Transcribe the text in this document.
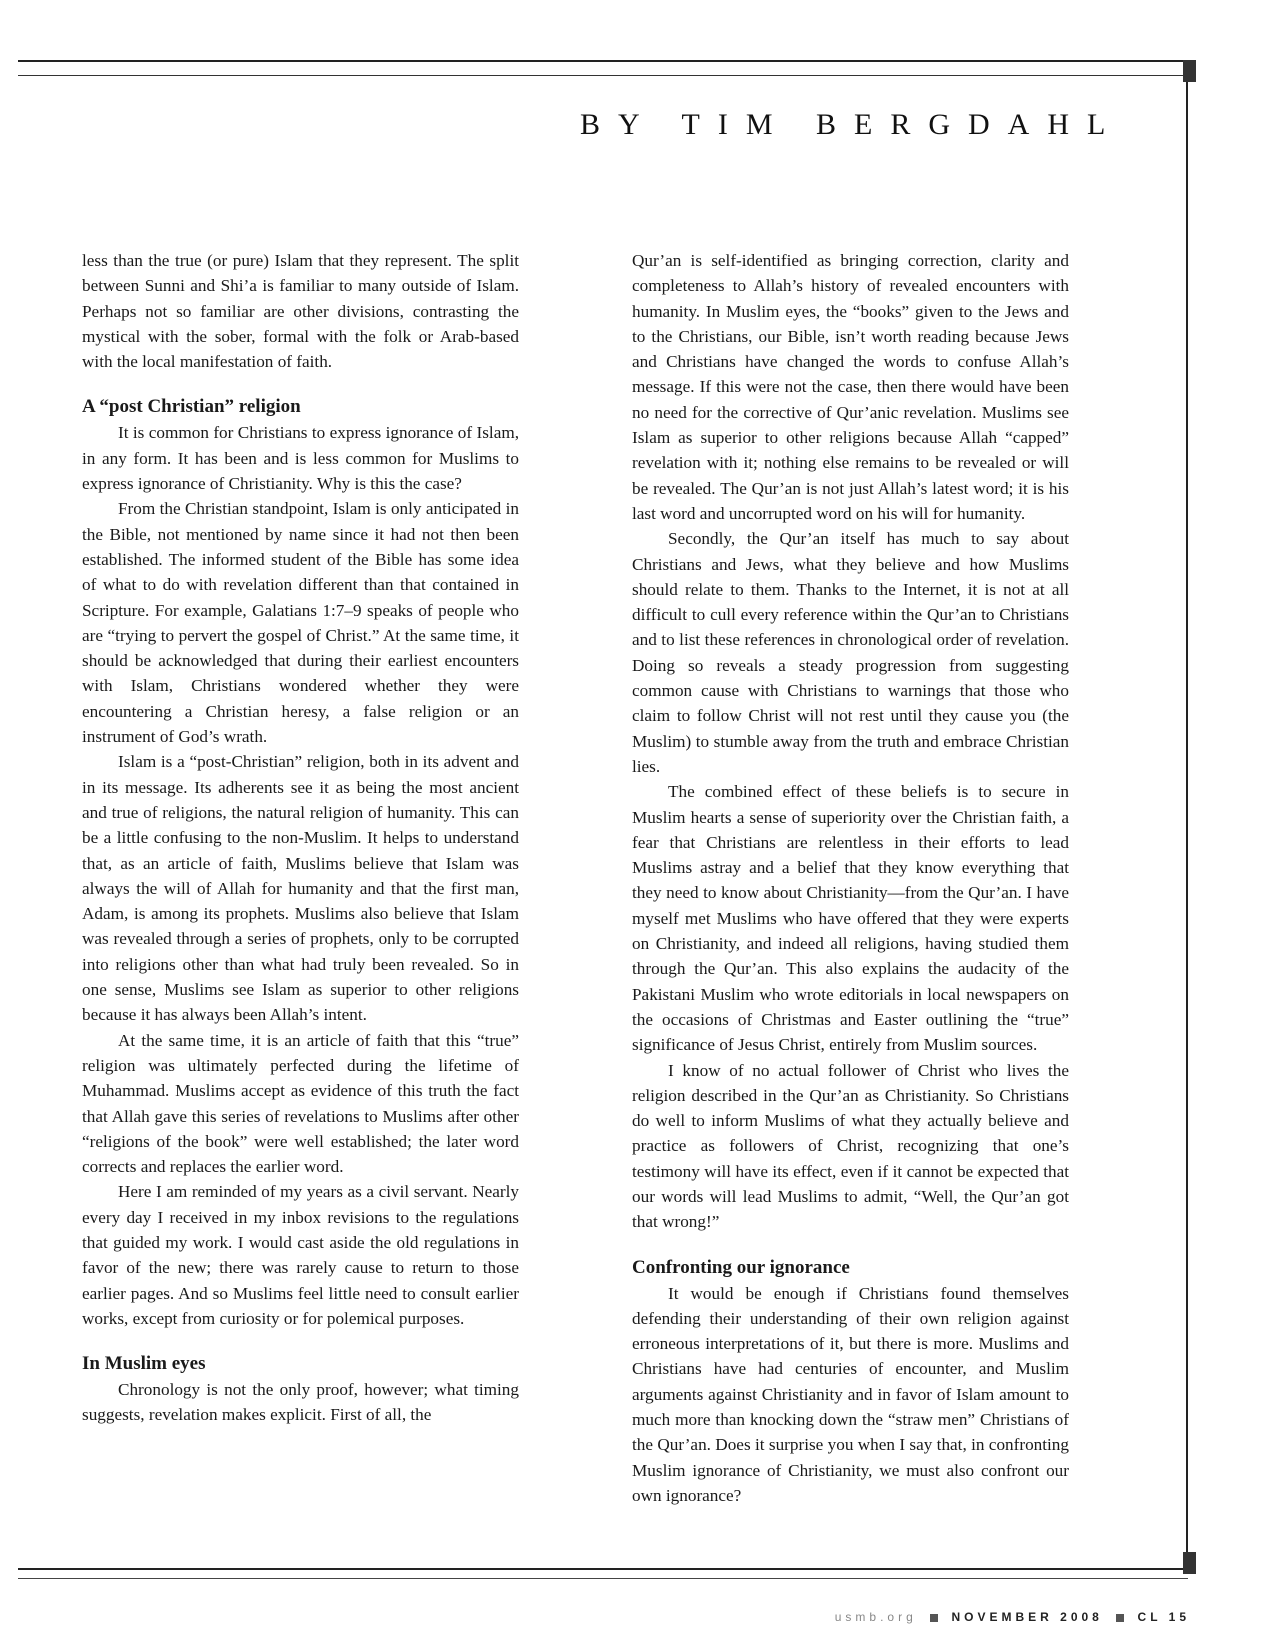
BY TIM BERGDAHL

less than the true (or pure) Islam that they represent. The split between Sunni and Shi’a is familiar to many outside of Islam. Perhaps not so familiar are other divisions, contrasting the mystical with the sober, formal with the folk or Arab-based with the local manifestation of faith.

A “post Christian” religion

It is common for Christians to express ignorance of Islam, in any form. It has been and is less common for Muslims to express ignorance of Christianity. Why is this the case?

From the Christian standpoint, Islam is only anticipated in the Bible, not mentioned by name since it had not then been established. The informed student of the Bible has some idea of what to do with revelation different than that contained in Scripture. For example, Galatians 1:7–9 speaks of people who are “trying to pervert the gospel of Christ.” At the same time, it should be acknowledged that during their earliest encounters with Islam, Christians wondered whether they were encountering a Christian heresy, a false religion or an instrument of God’s wrath.

Islam is a “post-Christian” religion, both in its advent and in its message. Its adherents see it as being the most ancient and true of religions, the natural religion of humanity. This can be a little confusing to the non-Muslim. It helps to understand that, as an article of faith, Muslims believe that Islam was always the will of Allah for humanity and that the first man, Adam, is among its prophets. Muslims also believe that Islam was revealed through a series of prophets, only to be corrupted into religions other than what had truly been revealed. So in one sense, Muslims see Islam as superior to other religions because it has always been Allah’s intent.

At the same time, it is an article of faith that this “true” religion was ultimately perfected during the lifetime of Muhammad. Muslims accept as evidence of this truth the fact that Allah gave this series of revelations to Muslims after other “religions of the book” were well established; the later word corrects and replaces the earlier word.

Here I am reminded of my years as a civil servant. Nearly every day I received in my inbox revisions to the regulations that guided my work. I would cast aside the old regulations in favor of the new; there was rarely cause to return to those earlier pages. And so Muslims feel little need to consult earlier works, except from curiosity or for polemical purposes.

In Muslim eyes

Chronology is not the only proof, however; what timing suggests, revelation makes explicit. First of all, the

Qur’an is self-identified as bringing correction, clarity and completeness to Allah’s history of revealed encounters with humanity. In Muslim eyes, the “books” given to the Jews and to the Christians, our Bible, isn’t worth reading because Jews and Christians have changed the words to confuse Allah’s message. If this were not the case, then there would have been no need for the corrective of Qur’anic revelation. Muslims see Islam as superior to other religions because Allah “capped” revelation with it; nothing else remains to be revealed or will be revealed. The Qur’an is not just Allah’s latest word; it is his last word and uncorrupted word on his will for humanity.

Secondly, the Qur’an itself has much to say about Christians and Jews, what they believe and how Muslims should relate to them. Thanks to the Internet, it is not at all difficult to cull every reference within the Qur’an to Christians and to list these references in chronological order of revelation. Doing so reveals a steady progression from suggesting common cause with Christians to warnings that those who claim to follow Christ will not rest until they cause you (the Muslim) to stumble away from the truth and embrace Christian lies.

The combined effect of these beliefs is to secure in Muslim hearts a sense of superiority over the Christian faith, a fear that Christians are relentless in their efforts to lead Muslims astray and a belief that they know everything that they need to know about Christianity—from the Qur’an. I have myself met Muslims who have offered that they were experts on Christianity, and indeed all religions, having studied them through the Qur’an. This also explains the audacity of the Pakistani Muslim who wrote editorials in local newspapers on the occasions of Christmas and Easter outlining the “true” significance of Jesus Christ, entirely from Muslim sources.

I know of no actual follower of Christ who lives the religion described in the Qur’an as Christianity. So Christians do well to inform Muslims of what they actually believe and practice as followers of Christ, recognizing that one’s testimony will have its effect, even if it cannot be expected that our words will lead Muslims to admit, “Well, the Qur’an got that wrong!”

Confronting our ignorance

It would be enough if Christians found themselves defending their understanding of their own religion against erroneous interpretations of it, but there is more. Muslims and Christians have had centuries of encounter, and Muslim arguments against Christianity and in favor of Islam amount to much more than knocking down the “straw men” Christians of the Qur’an. Does it surprise you when I say that, in confronting Muslim ignorance of Christianity, we must also confront our own ignorance?

usmb.org	NOVEMBER 2008	CL 15
